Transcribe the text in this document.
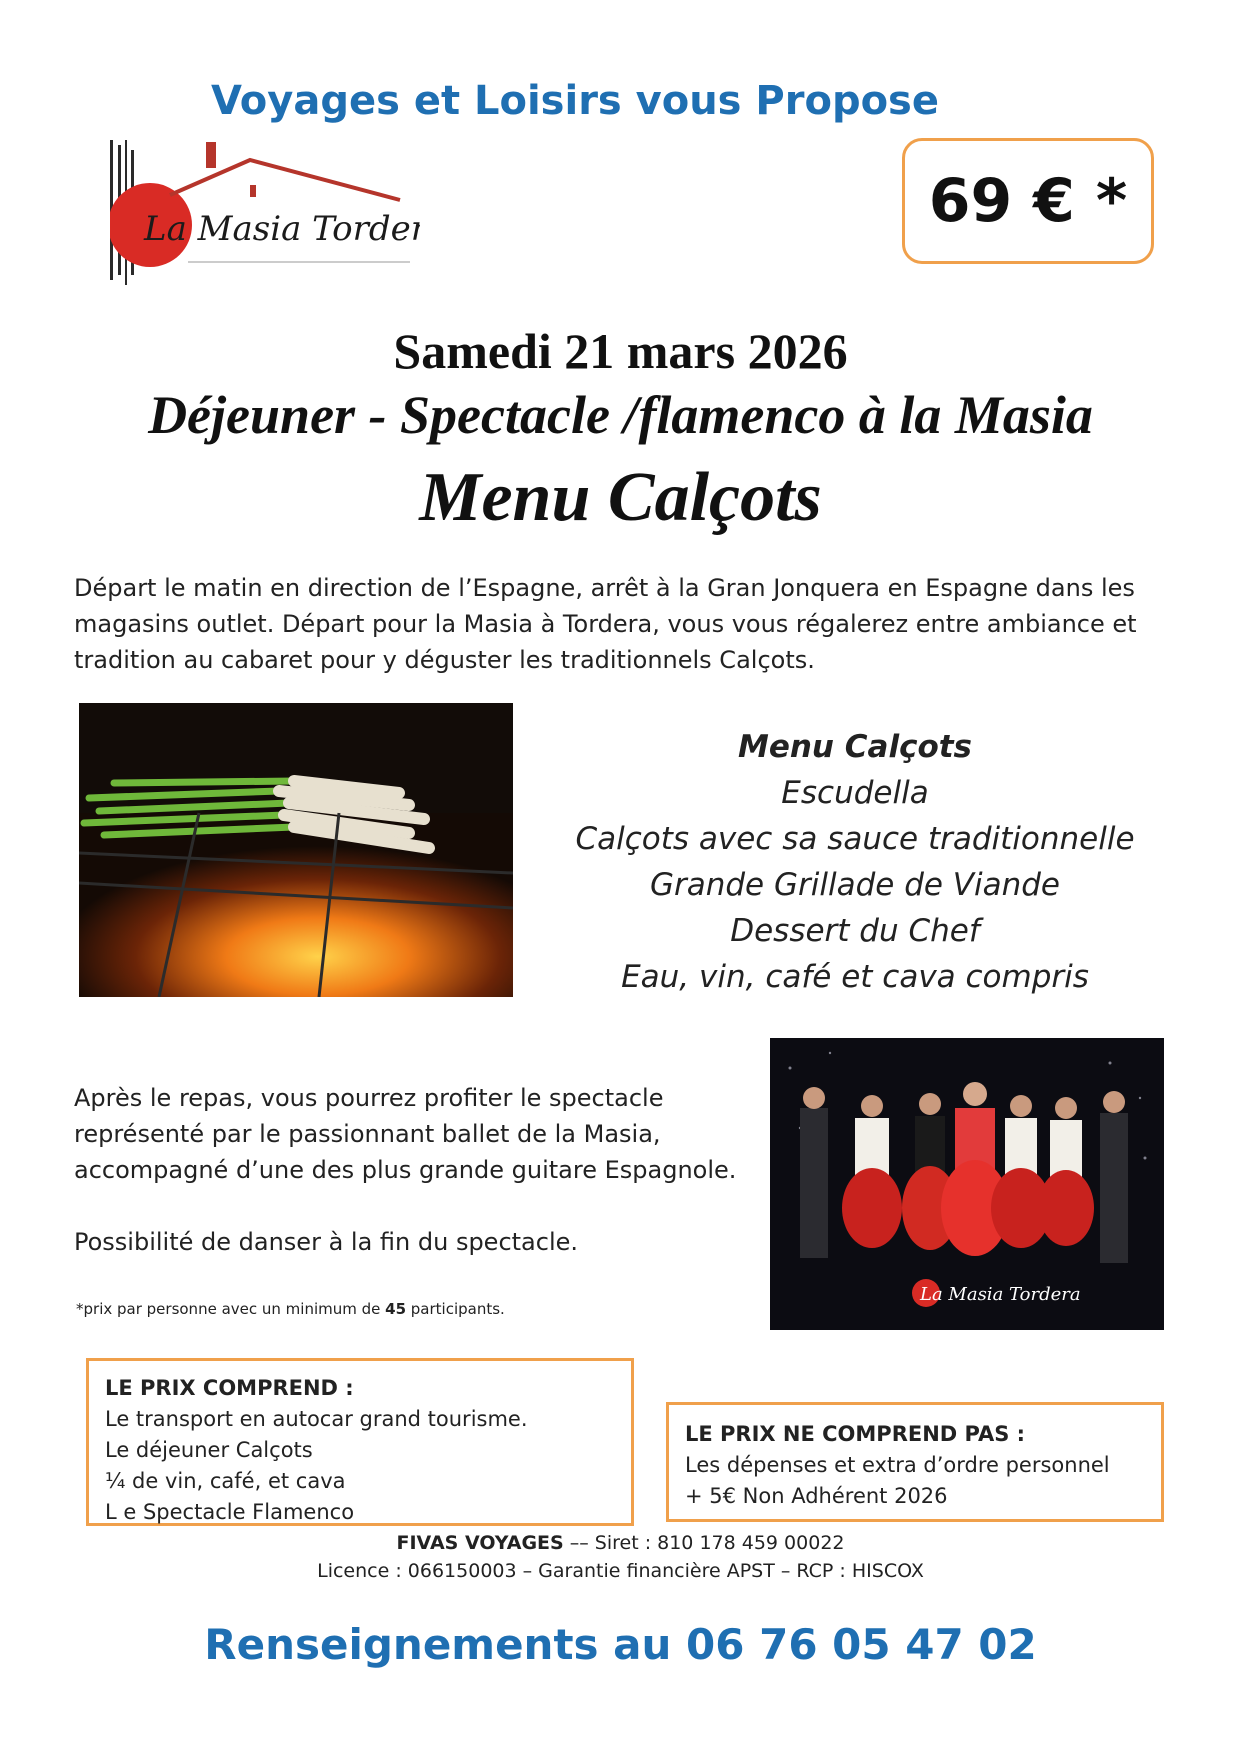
Voyages et Loisirs vous Propose
La Masia Tordera	69 € *
Samedi 21 mars 2026
Déjeuner - Spectacle /flamenco à la Masia
Menu Calçots
Départ le matin en direction de l’Espagne, arrêt à la Gran Jonquera en Espagne dans les
magasins outlet. Départ pour la Masia à Tordera, vous vous régalerez entre ambiance et
tradition au cabaret pour y déguster les traditionnels Calçots.
Menu Calçots
Escudella
Calçots avec sa sauce traditionnelle
Grande Grillade de Viande
Dessert du Chef
Eau, vin, café et cava compris

Après le repas, vous pourrez profiter le spectacle

représenté par le passionnant ballet de la Masia,

accompagné d’une des plus grande guitare Espagnole.

Possibilité de danser à la fin du spectacle.

La Masia Tordera
*prix par personne avec un minimum de 45 participants.
LE PRIX COMPREND :
Le transport en autocar grand tourisme.
Le déjeuner Calçots
¼ de vin, café, et cava
L e Spectacle Flamenco
LE PRIX NE COMPREND PAS :
Les dépenses et extra d’ordre personnel
+ 5€ Non Adhérent 2026
FIVAS VOYAGES –– Siret : 810 178 459 00022
Licence : 066150003 – Garantie financière APST – RCP : HISCOX
Renseignements au 06 76 05 47 02
